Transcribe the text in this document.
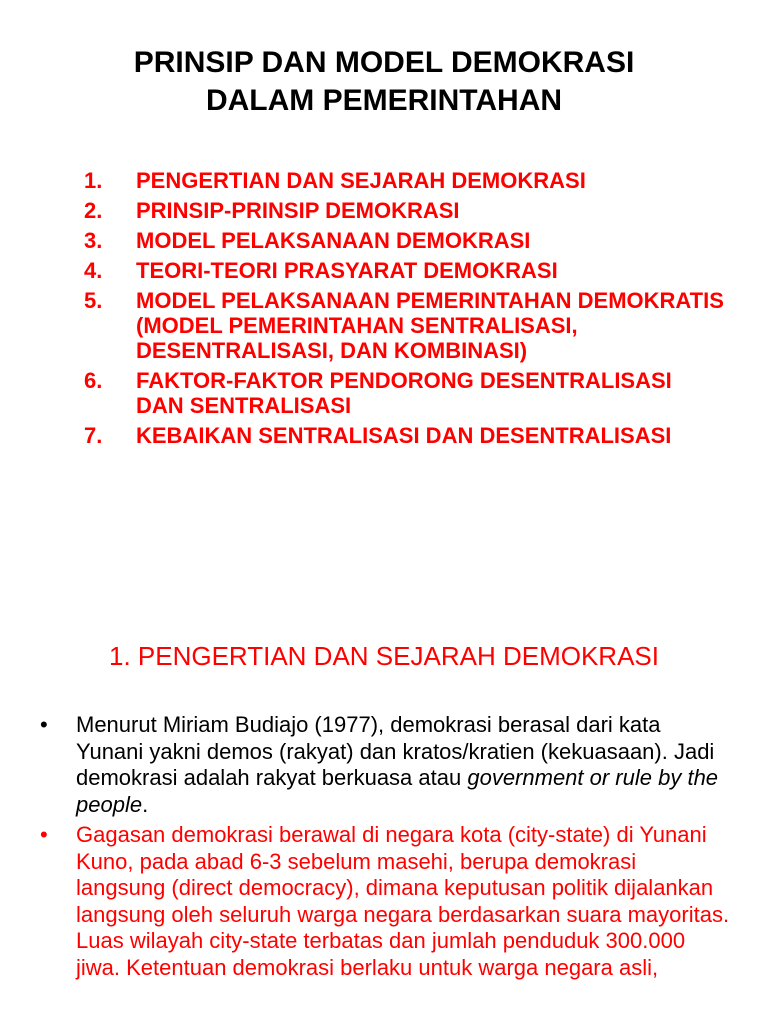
PRINSIP DAN MODEL DEMOKRASI
DALAM PEMERINTAHAN
1.	PENGERTIAN DAN SEJARAH DEMOKRASI
2.	PRINSIP-PRINSIP DEMOKRASI
3.	MODEL PELAKSANAAN DEMOKRASI
4.	TEORI-TEORI PRASYARAT DEMOKRASI
5.	MODEL PELAKSANAAN PEMERINTAHAN DEMOKRATIS (MODEL PEMERINTAHAN SENTRALISASI, DESENTRALISASI, DAN KOMBINASI)
6.	FAKTOR-FAKTOR PENDORONG DESENTRALISASI DAN SENTRALISASI
7.	KEBAIKAN SENTRALISASI DAN DESENTRALISASI
1. PENGERTIAN DAN SEJARAH DEMOKRASI
•	Menurut Miriam Budiajo (1977), demokrasi berasal dari kata Yunani yakni demos (rakyat) dan kratos/kratien (kekuasaan). Jadi demokrasi adalah rakyat berkuasa atau government or rule by the people.
•	Gagasan demokrasi berawal di negara kota (city-state) di Yunani Kuno, pada abad 6-3 sebelum masehi, berupa demokrasi langsung (direct democracy), dimana keputusan politik dijalankan langsung oleh seluruh warga negara berdasarkan suara mayoritas. Luas wilayah city-state terbatas dan jumlah penduduk 300.000 jiwa. Ketentuan demokrasi berlaku untuk warga negara asli,
